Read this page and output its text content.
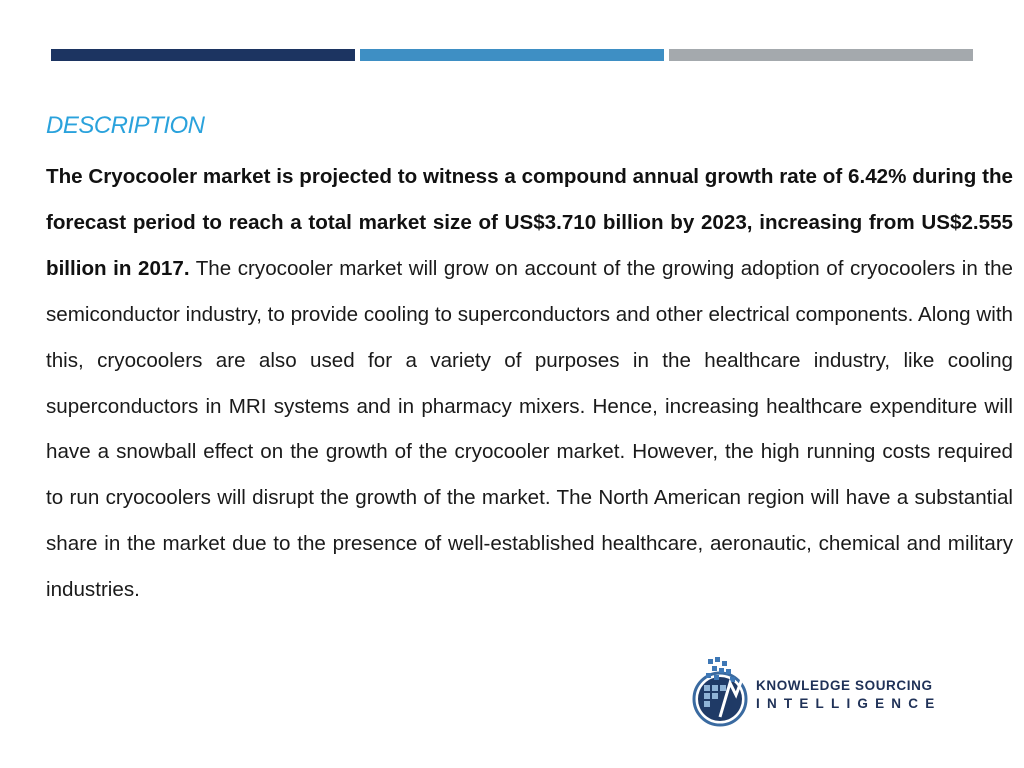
DESCRIPTION

The Cryocooler market is projected to witness a compound annual growth rate of 6.42% during the forecast period to reach a total market size of US$3.710 billion by 2023, increasing from US$2.555 billion in 2017. The cryocooler market will grow on account of the growing adoption of cryocoolers in the semiconductor industry, to provide cooling to superconductors and other electrical components. Along with this, cryocoolers are also used for a variety of purposes in the healthcare industry, like cooling superconductors in MRI systems and in pharmacy mixers. Hence, increasing healthcare expenditure will have a snowball effect on the growth of the cryocooler market. However, the high running costs required to run cryocoolers will disrupt the growth of the market. The North American region will have a substantial share in the market due to the presence of well-established healthcare, aeronautic, chemical and military industries.

KNOWLEDGE SOURCING
INTELLIGENCE
